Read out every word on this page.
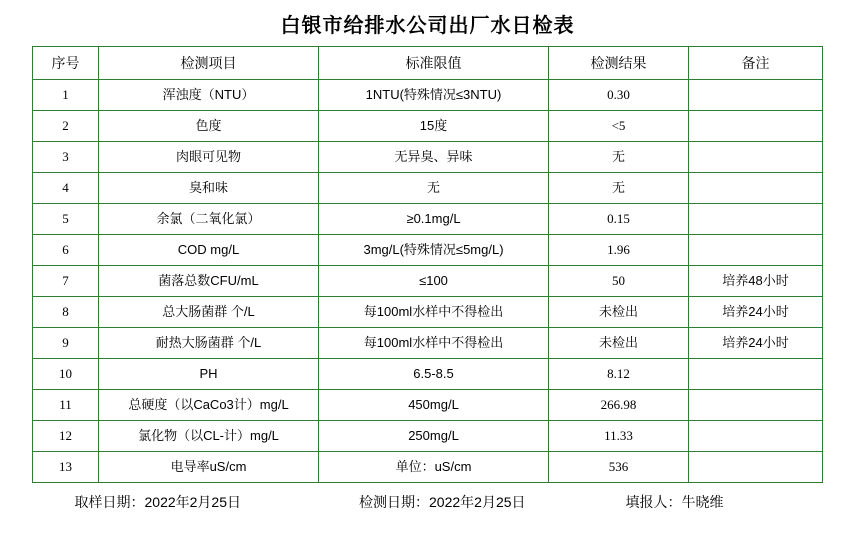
白银市给排水公司出厂水日检表
序号	检测项目	标准限值	检测结果	备注
1	浑浊度（NTU）	1NTU(特殊情况≤3NTU)	0.30	
2	色度	15度	<5	
3	肉眼可见物	无异臭、异味	无	
4	臭和味	无	无	
5	余氯（二氧化氯）	≥0.1mg/L	0.15	
6	COD mg/L	3mg/L(特殊情况≤5mg/L)	1.96	
7	菌落总数CFU/mL	≤100	50	培养48小时
8	总大肠菌群 个/L	每100ml水样中不得检出	未检出	培养24小时
9	耐热大肠菌群 个/L	每100ml水样中不得检出	未检出	培养24小时
10	PH	6.5-8.5	8.12	
11	总硬度（以CaCo3计）mg/L	450mg/L	266.98	
12	氯化物（以CL-计）mg/L	250mg/L	11.33	
13	电导率uS/cm	单位：uS/cm	536	
取样日期：2022年2月25日	检测日期：2022年2月25日	填报人：牛晓维
